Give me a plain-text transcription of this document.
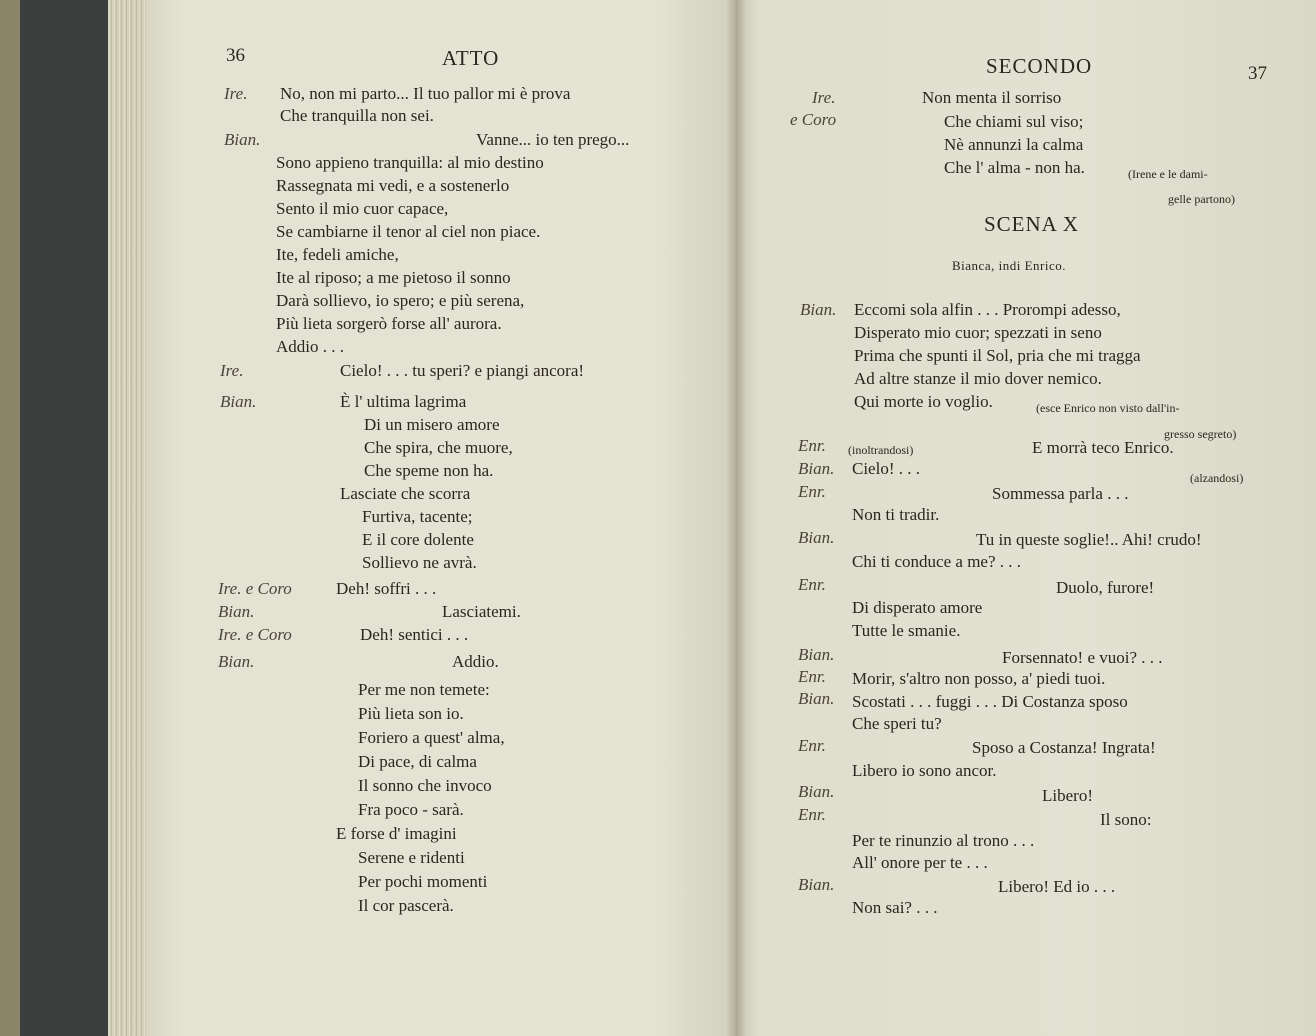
36	ATTO
Ire. No, non mi parto... Il tuo pallor mi è prova
Che tranquilla non sei.
Bian.	Vanne... io ten prego...
Sono appieno tranquilla: al mio destino
Rassegnata mi vedi, e a sostenerlo
Sento il mio cuor capace,
Se cambiarne il tenor al ciel non piace.
Ite, fedeli amiche,
Ite al riposo; a me pietoso il sonno
Darà sollievo, io spero; e più serena,
Più lieta sorgerò forse all' aurora.
Addio . . .
Ire.	Cielo! . . . tu speri? e piangi ancora!
Bian.	È l' ultima lagrima
Di un misero amore
Che spira, che muore,
Che speme non ha.
Lasciate che scorra
Furtiva, tacente;
E il core dolente
Sollievo ne avrà.
Ire. e Coro	Deh! soffri . . .
Bian.	Lasciatemi.
Ire. e Coro	Deh! sentici . . .
Bian.	Addio.
Per me non temete:
Più lieta son io.
Foriero a quest' alma,
Di pace, di calma
Il sonno che invoco
Fra poco - sarà.
E forse d' imagini
Serene e ridenti
Per pochi momenti
Il cor pascerà.
SECONDO	37
Ire.	Non menta il sorriso
e Coro	Che chiami sul viso;
Nè annunzi la calma
Che l' alma - non ha.	(Irene e le dami-
gelle partono)
SCENA X
Bianca, indi Enrico.
Bian. Eccomi sola alfin . . . Prorompi adesso,
Disperato mio cuor; spezzati in seno
Prima che spunti il Sol, pria che mi tragga
Ad altre stanze il mio dover nemico.
Qui morte io voglio.	(esce Enrico non visto dall'in-
gresso segreto)
Enr. (inoltrandosi)	E morrà teco Enrico.
Bian. Cielo! . . .	(alzandosi)
Enr.	Sommessa parla . . .
Non ti tradir.
Bian.	Tu in queste soglie!.. Ahi! crudo!
Chi ti conduce a me? . . .
Enr.	Duolo, furore!
Di disperato amore
Tutte le smanie.
Bian.	Forsennato! e vuoi? . . .
Enr. Morir, s'altro non posso, a' piedi tuoi.
Bian. Scostati . . . fuggi . . . Di Costanza sposo
Che speri tu?
Enr.	Sposo a Costanza! Ingrata!
Libero io sono ancor.
Bian.	Libero!
Enr.	Il sono:
Per te rinunzio al trono . . .
All' onore per te . . .
Bian.	Libero! Ed io . . .
Non sai? . . .
